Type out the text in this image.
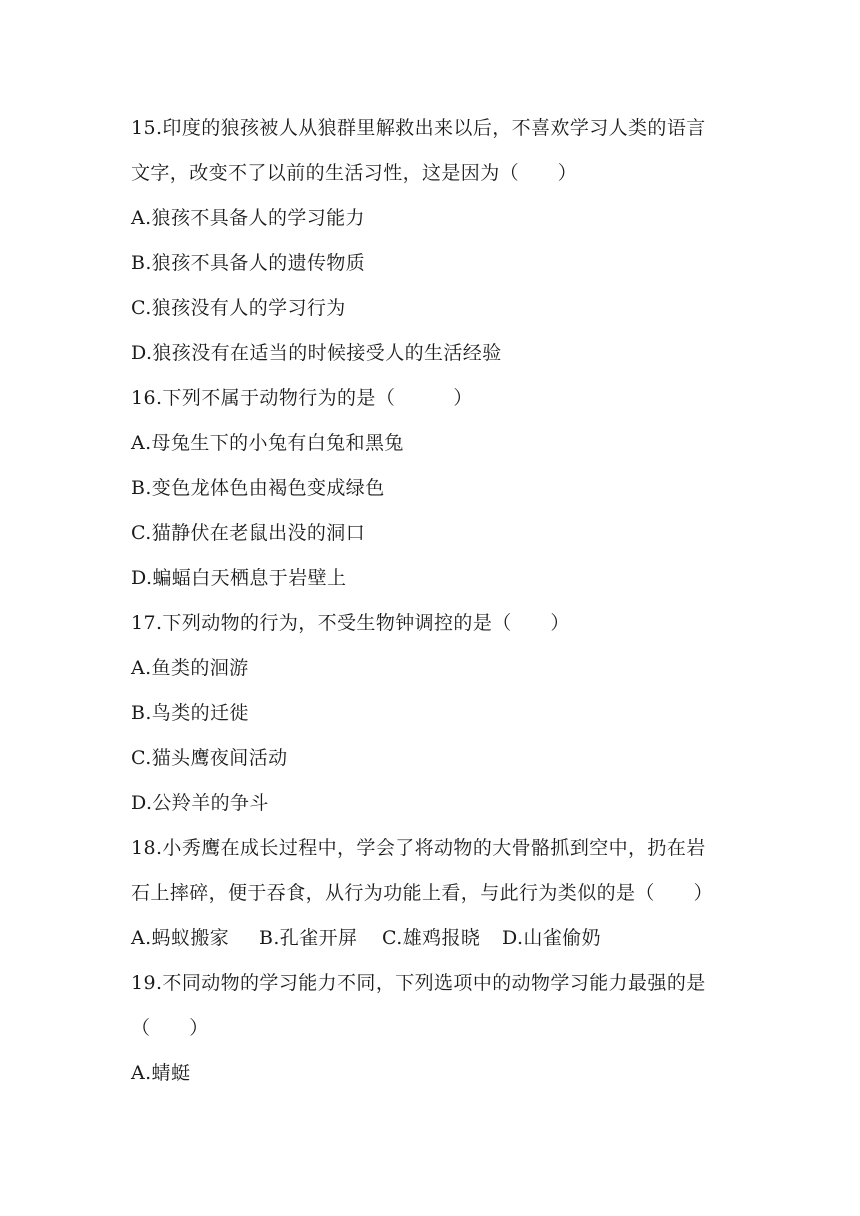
15.印度的狼孩被人从狼群里解救出来以后，不喜欢学习人类的语言
文字，改变不了以前的生活习性，这是因为（　　）
A.狼孩不具备人的学习能力
B.狼孩不具备人的遗传物质
C.狼孩没有人的学习行为
D.狼孩没有在适当的时候接受人的生活经验
16.下列不属于动物行为的是（　　　）
A.母兔生下的小兔有白兔和黑兔
B.变色龙体色由褐色变成绿色
C.猫静伏在老鼠出没的洞口
D.蝙蝠白天栖息于岩壁上
17.下列动物的行为，不受生物钟调控的是（　　）
A.鱼类的洄游
B.鸟类的迁徙
C.猫头鹰夜间活动
D.公羚羊的争斗
18.小秀鹰在成长过程中，学会了将动物的大骨骼抓到空中，扔在岩
石上摔碎，便于吞食，从行为功能上看，与此行为类似的是（　　）
A.蚂蚁搬家 B.孔雀开屏 C.雄鸡报晓 D.山雀偷奶
19.不同动物的学习能力不同，下列选项中的动物学习能力最强的是
（　　）
A.蜻蜓
